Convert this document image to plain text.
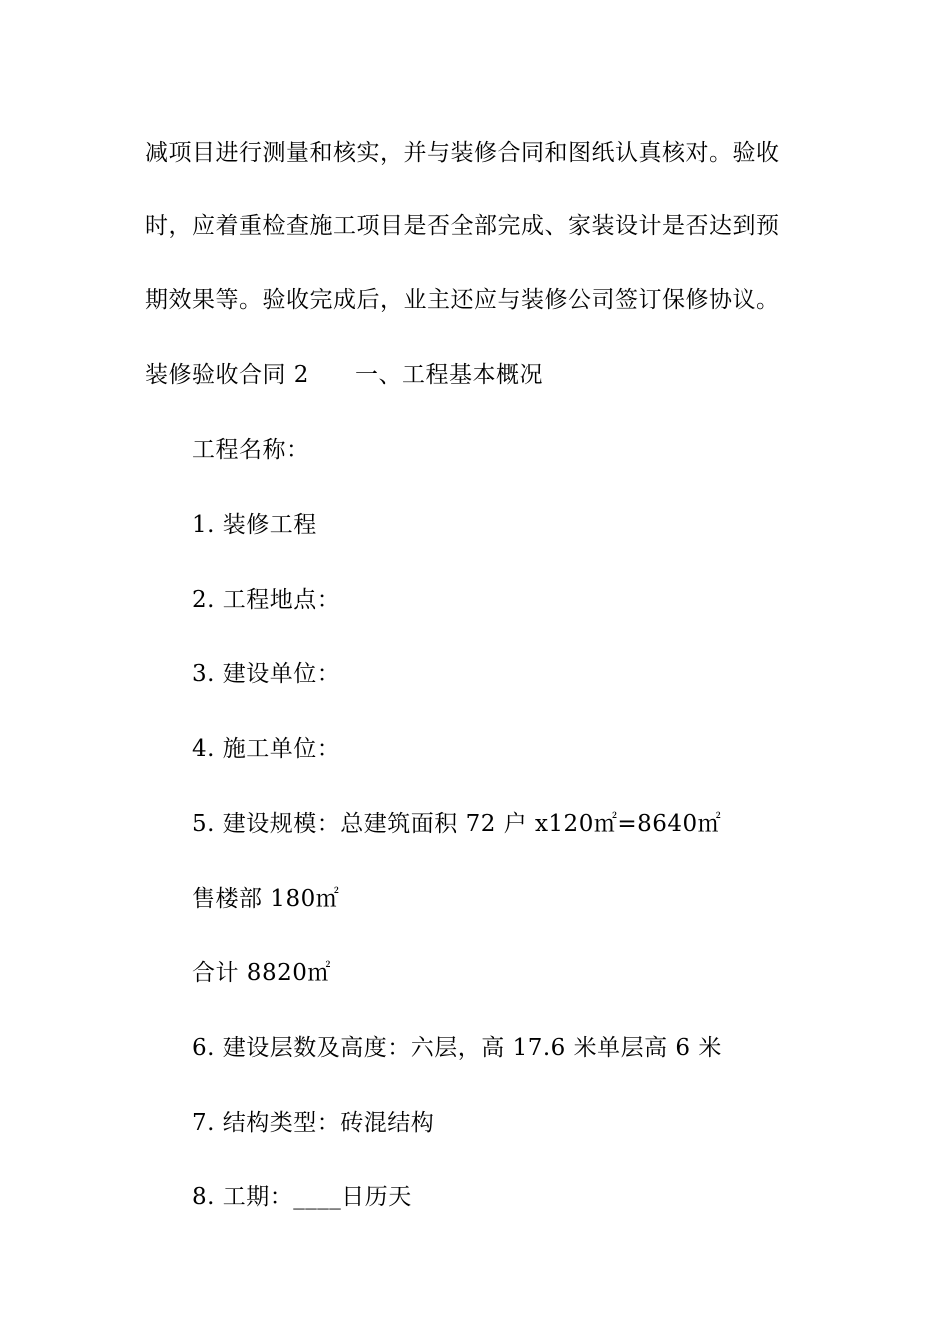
减项目进行测量和核实，并与装修合同和图纸认真核对。验收
时，应着重检查施工项目是否全部完成、家装设计是否达到预
期效果等。验收完成后，业主还应与装修公司签订保修协议。
装修验收合同 2 一、工程基本概况
工程名称：
1. 装修工程
2. 工程地点：
3. 建设单位：
4. 施工单位：
5. 建设规模：总建筑面积 72 户 x120㎡=8640㎡
售楼部 180㎡
合计 8820㎡
6. 建设层数及高度：六层，高 17.6 米单层高 6 米
7. 结构类型：砖混结构
8. 工期：____日历天
